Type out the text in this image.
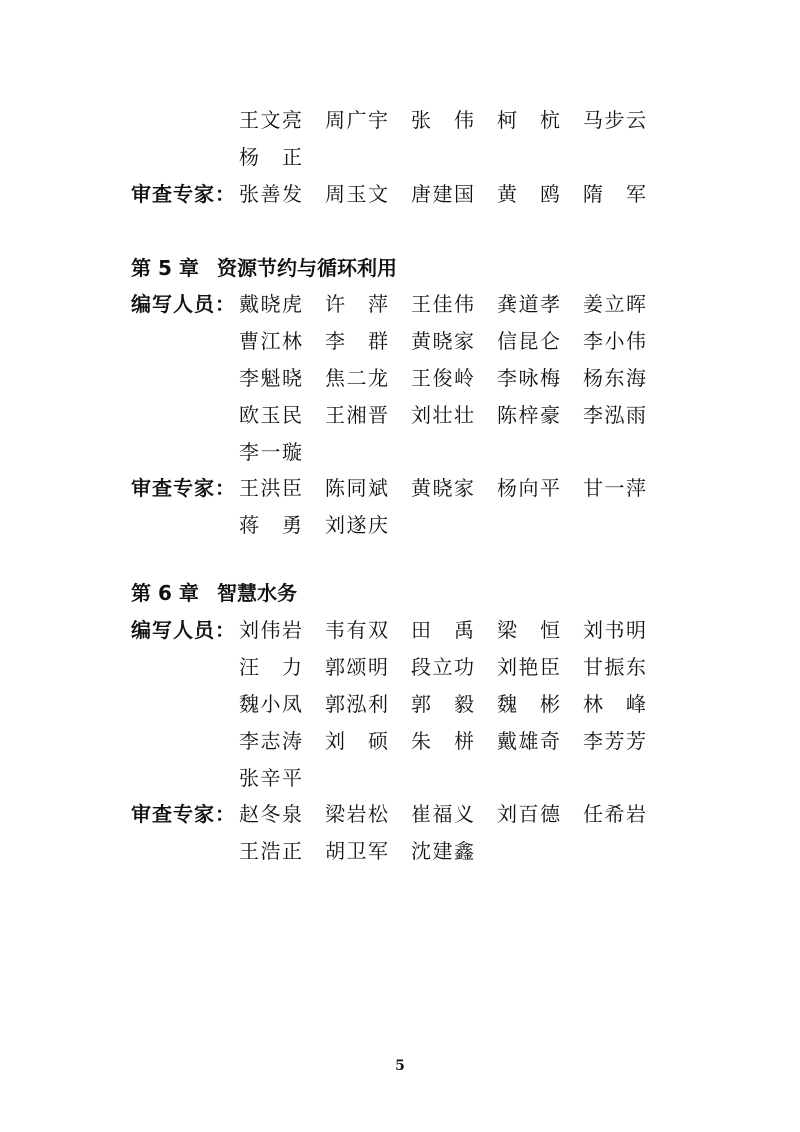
王文亮 周广宇 张伟 柯杭 马步云
杨正
审查专家： 张善发 周玉文 唐建国 黄鸥 隋军
第 5 章 资源节约与循环利用
编写人员： 戴晓虎 许萍 王佳伟 龚道孝 姜立晖
曹江林 李群 黄晓家 信昆仑 李小伟
李魁晓 焦二龙 王俊岭 李咏梅 杨东海
欧玉民 王湘晋 刘壮壮 陈梓豪 李泓雨
李一璇
审查专家： 王洪臣 陈同斌 黄晓家 杨向平 甘一萍
蒋勇 刘遂庆
第 6 章 智慧水务
编写人员： 刘伟岩 韦有双 田禹 梁恒 刘书明
汪力 郭颂明 段立功 刘艳臣 甘振东
魏小凤 郭泓利 郭毅 魏彬 林峰
李志涛 刘硕 朱栟 戴雄奇 李芳芳
张辛平
审查专家： 赵冬泉 梁岩松 崔福义 刘百德 任希岩
王浩正 胡卫军 沈建鑫
5
